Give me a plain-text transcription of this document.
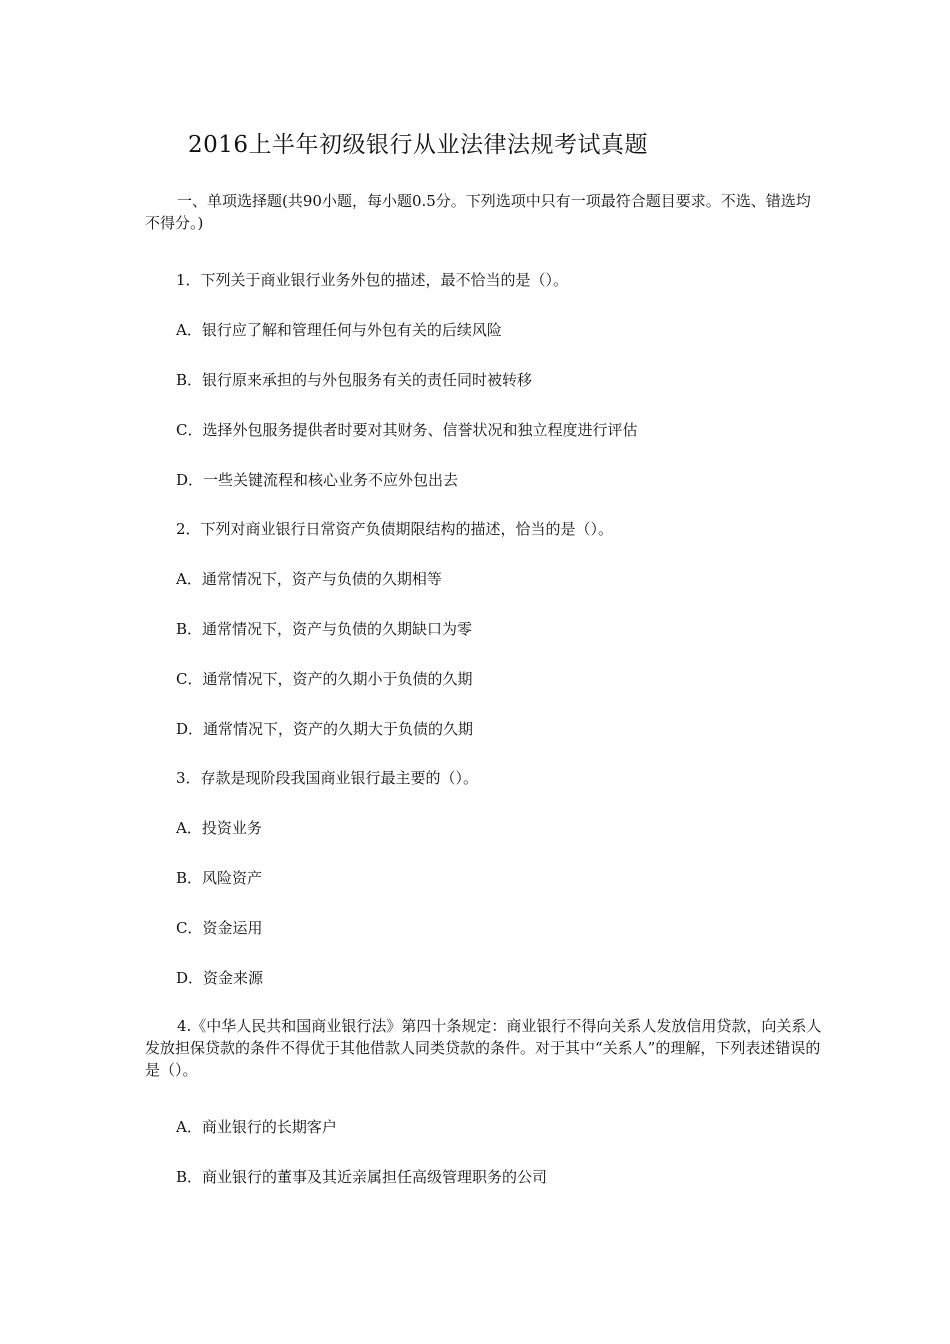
2016上半年初级银行从业法律法规考试真题
一、单项选择题(共90小题，每小题0.5分。下列选项中只有一项最符合题目要求。不选、错选均不得分。)
1．下列关于商业银行业务外包的描述，最不恰当的是（）。
A．银行应了解和管理任何与外包有关的后续风险
B．银行原来承担的与外包服务有关的责任同时被转移
C．选择外包服务提供者时要对其财务、信誉状况和独立程度进行评估
D．一些关键流程和核心业务不应外包出去
2．下列对商业银行日常资产负债期限结构的描述，恰当的是（）。
A．通常情况下，资产与负债的久期相等
B．通常情况下，资产与负债的久期缺口为零
C．通常情况下，资产的久期小于负债的久期
D．通常情况下，资产的久期大于负债的久期
3．存款是现阶段我国商业银行最主要的（）。
A．投资业务
B．风险资产
C．资金运用
D．资金来源
4.《中华人民共和国商业银行法》第四十条规定：商业银行不得向关系人发放信用贷款，向关系人发放担保贷款的条件不得优于其他借款人同类贷款的条件。对于其中“关系人”的理解，下列表述错误的是（）。
A．商业银行的长期客户
B．商业银行的董事及其近亲属担任高级管理职务的公司
